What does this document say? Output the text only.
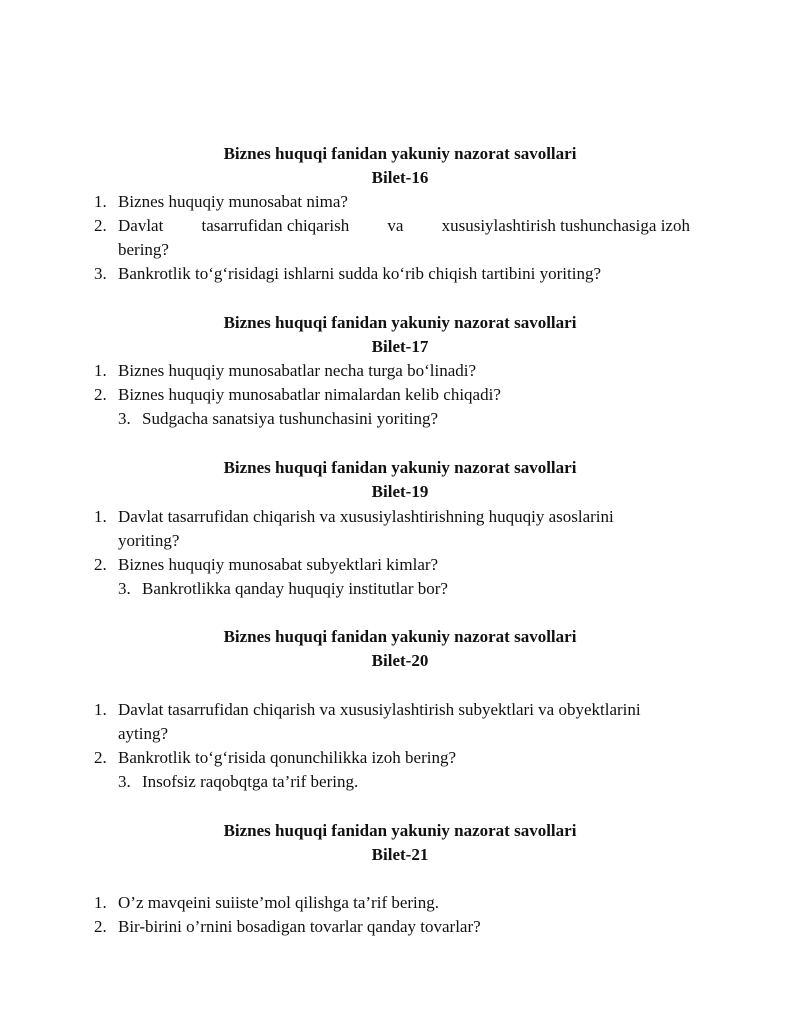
Biznes huquqi fanidan yakuniy nazorat savollari

Bilet-16

1. Biznes huquqiy munosabat nima?
2. Davlat tasarrufidan chiqarish va xususiylashtirish tushunchasiga izoh
bering?
3. Bankrotlik to‘g‘risidagi ishlarni sudda ko‘rib chiqish tartibini yoriting?

Biznes huquqi fanidan yakuniy nazorat savollari

Bilet-17

1. Biznes huquqiy munosabatlar necha turga bo‘linadi?
2. Biznes huquqiy munosabatlar nimalardan kelib chiqadi?
3. Sudgacha sanatsiya tushunchasini yoriting?

Biznes huquqi fanidan yakuniy nazorat savollari

Bilet-19

1. Davlat tasarrufidan chiqarish va xususiylashtirishning huquqiy asoslarini
yoriting?
2. Biznes huquqiy munosabat subyektlari kimlar?
3. Bankrotlikka qanday huquqiy institutlar bor?

Biznes huquqi fanidan yakuniy nazorat savollari

Bilet-20

1. Davlat tasarrufidan chiqarish va xususiylashtirish subyektlari va obyektlarini
ayting?
2. Bankrotlik to‘g‘risida qonunchilikka izoh bering?
3. Insofsiz raqobqtga ta’rif bering.

Biznes huquqi fanidan yakuniy nazorat savollari

Bilet-21

1. O’z mavqeini suiiste’mol qilishga ta’rif bering.
2. Bir-birini o’rnini bosadigan tovarlar qanday tovarlar?
